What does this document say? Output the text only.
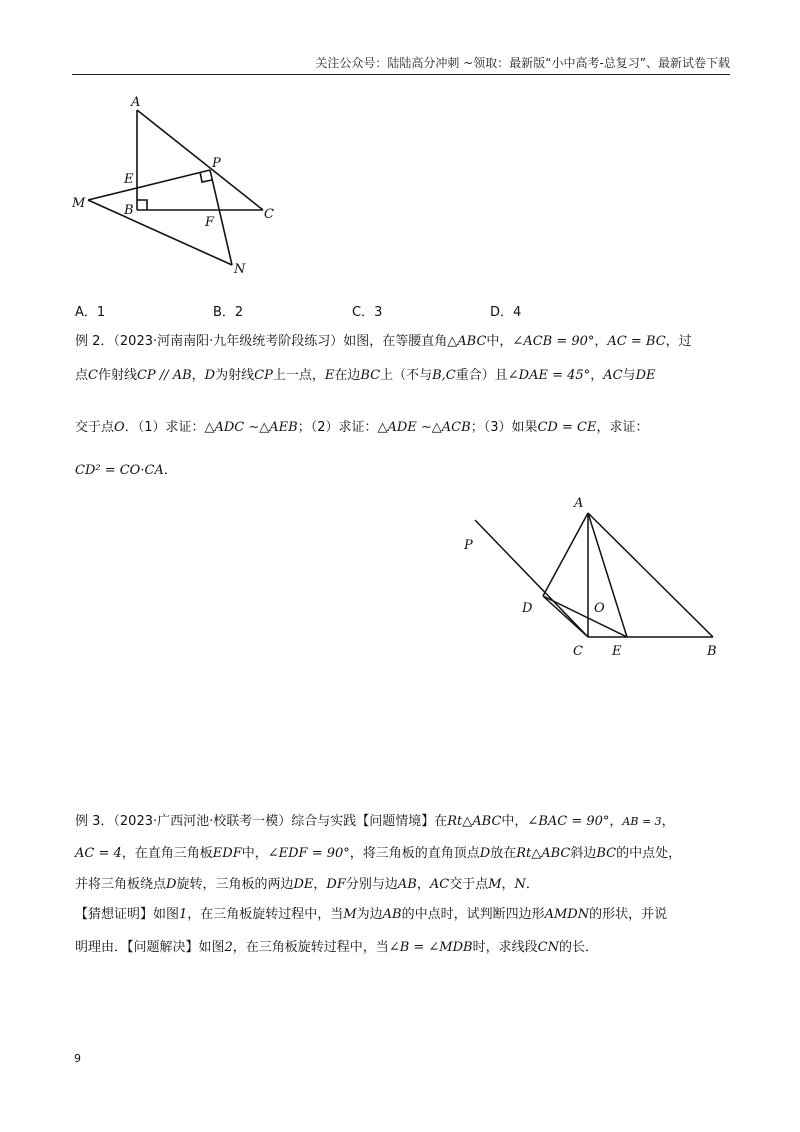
关注公众号：陆陆高分冲刺 ~领取：最新版“小中高考-总复习”、最新试卷下载
A
P
E
M	B
F
C
N
A．1	B．2	C．3	D．4
例 2．（2023·河南南阳·九年级统考阶段练习）如图，在等腰直角△ABC中，∠ACB = 90°，AC = BC，过
点C作射线CP // AB，D为射线CP上一点，E在边BC上（不与B,C重合）且∠DAE = 45°，AC与DE
交于点O．（1）求证：△ADC ∼△AEB；（2）求证：△ADE ∼△ACB；（3）如果CD = CE，求证：
CD² = CO·CA．
A
P
D	O
C E	B
例 3．（2023·广西河池·校联考一模）综合与实践【问题情境】在Rt△ABC中，∠BAC = 90°，AB = 3，
AC = 4，在直角三角板EDF中，∠EDF = 90°，将三角板的直角顶点D放在Rt△ABC斜边BC的中点处，
并将三角板绕点D旋转，三角板的两边DE，DF分别与边AB，AC交于点M，N．
【猜想证明】如图1，在三角板旋转过程中，当M为边AB的中点时，试判断四边形AMDN的形状，并说
明理由．【问题解决】如图2，在三角板旋转过程中，当∠B = ∠MDB时，求线段CN的长．
9
